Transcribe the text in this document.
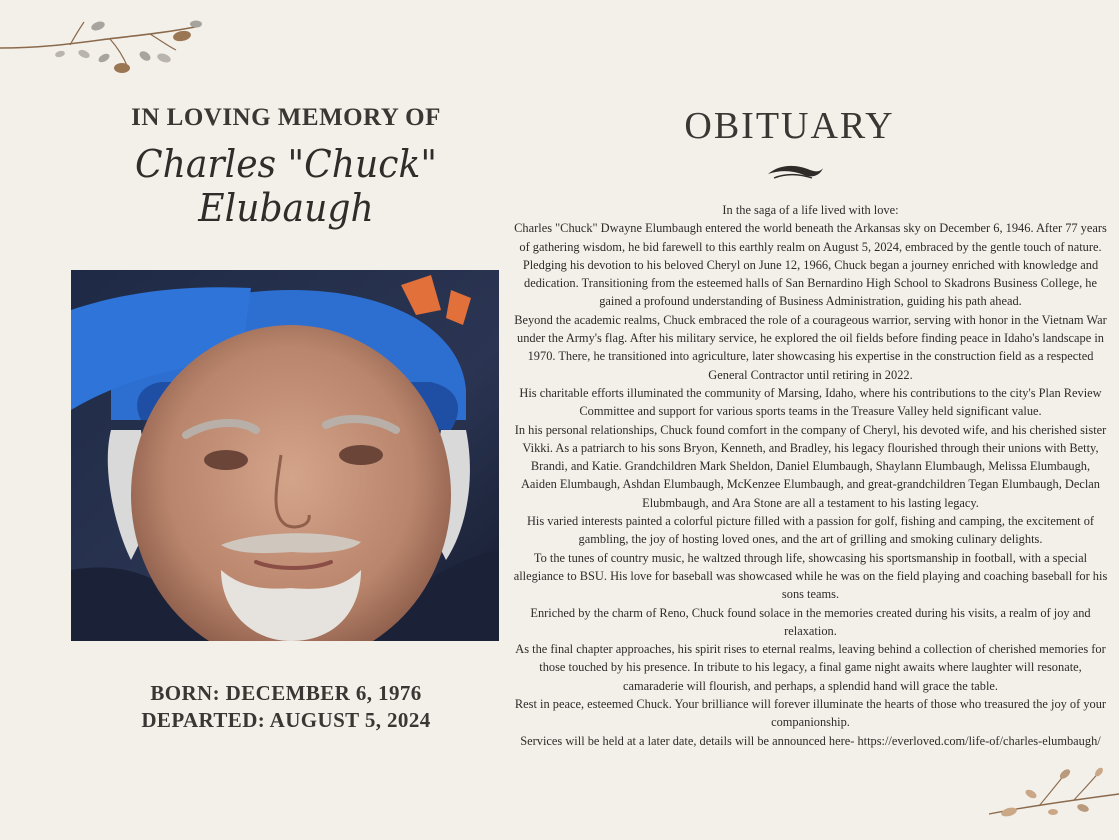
IN LOVING MEMORY OF
Charles "Chuck" Elubaugh
BORN: DECEMBER 6, 1976
DEPARTED: AUGUST 5, 2024
OBITUARY

In the saga of a life lived with love:

Charles "Chuck" Dwayne Elumbaugh entered the world beneath the Arkansas sky on December 6, 1946. After 77 years of gathering wisdom, he bid farewell to this earthly realm on August 5, 2024, embraced by the gentle touch of nature.

Pledging his devotion to his beloved Cheryl on June 12, 1966, Chuck began a journey enriched with knowledge and dedication. Transitioning from the esteemed halls of San Bernardino High School to Skadrons Business College, he gained a profound understanding of Business Administration, guiding his path ahead.

Beyond the academic realms, Chuck embraced the role of a courageous warrior, serving with honor in the Vietnam War under the Army's flag. After his military service, he explored the oil fields before finding peace in Idaho's landscape in 1970. There, he transitioned into agriculture, later showcasing his expertise in the construction field as a respected General Contractor until retiring in 2022.

His charitable efforts illuminated the community of Marsing, Idaho, where his contributions to the city's Plan Review Committee and support for various sports teams in the Treasure Valley held significant value.

In his personal relationships, Chuck found comfort in the company of Cheryl, his devoted wife, and his cherished sister Vikki. As a patriarch to his sons Bryon, Kenneth, and Bradley, his legacy flourished through their unions with Betty, Brandi, and Katie. Grandchildren Mark Sheldon, Daniel Elumbaugh, Shaylann Elumbaugh, Melissa Elumbaugh, Aaiden Elumbaugh, Ashdan Elumbaugh, McKenzee Elumbaugh, and great-grandchildren Tegan Elumbaugh, Declan Elubmbaugh, and Ara Stone are all a testament to his lasting legacy.

His varied interests painted a colorful picture filled with a passion for golf, fishing and camping, the excitement of gambling, the joy of hosting loved ones, and the art of grilling and smoking culinary delights.

To the tunes of country music, he waltzed through life, showcasing his sportsmanship in football, with a special allegiance to BSU. His love for baseball was showcased while he was on the field playing and coaching baseball for his sons teams.

Enriched by the charm of Reno, Chuck found solace in the memories created during his visits, a realm of joy and relaxation.

As the final chapter approaches, his spirit rises to eternal realms, leaving behind a collection of cherished memories for those touched by his presence. In tribute to his legacy, a final game night awaits where laughter will resonate, camaraderie will flourish, and perhaps, a splendid hand will grace the table.

Rest in peace, esteemed Chuck. Your brilliance will forever illuminate the hearts of those who treasured the joy of your companionship.

Services will be held at a later date, details will be announced here- https://everloved.com/life-of/charles-elumbaugh/
